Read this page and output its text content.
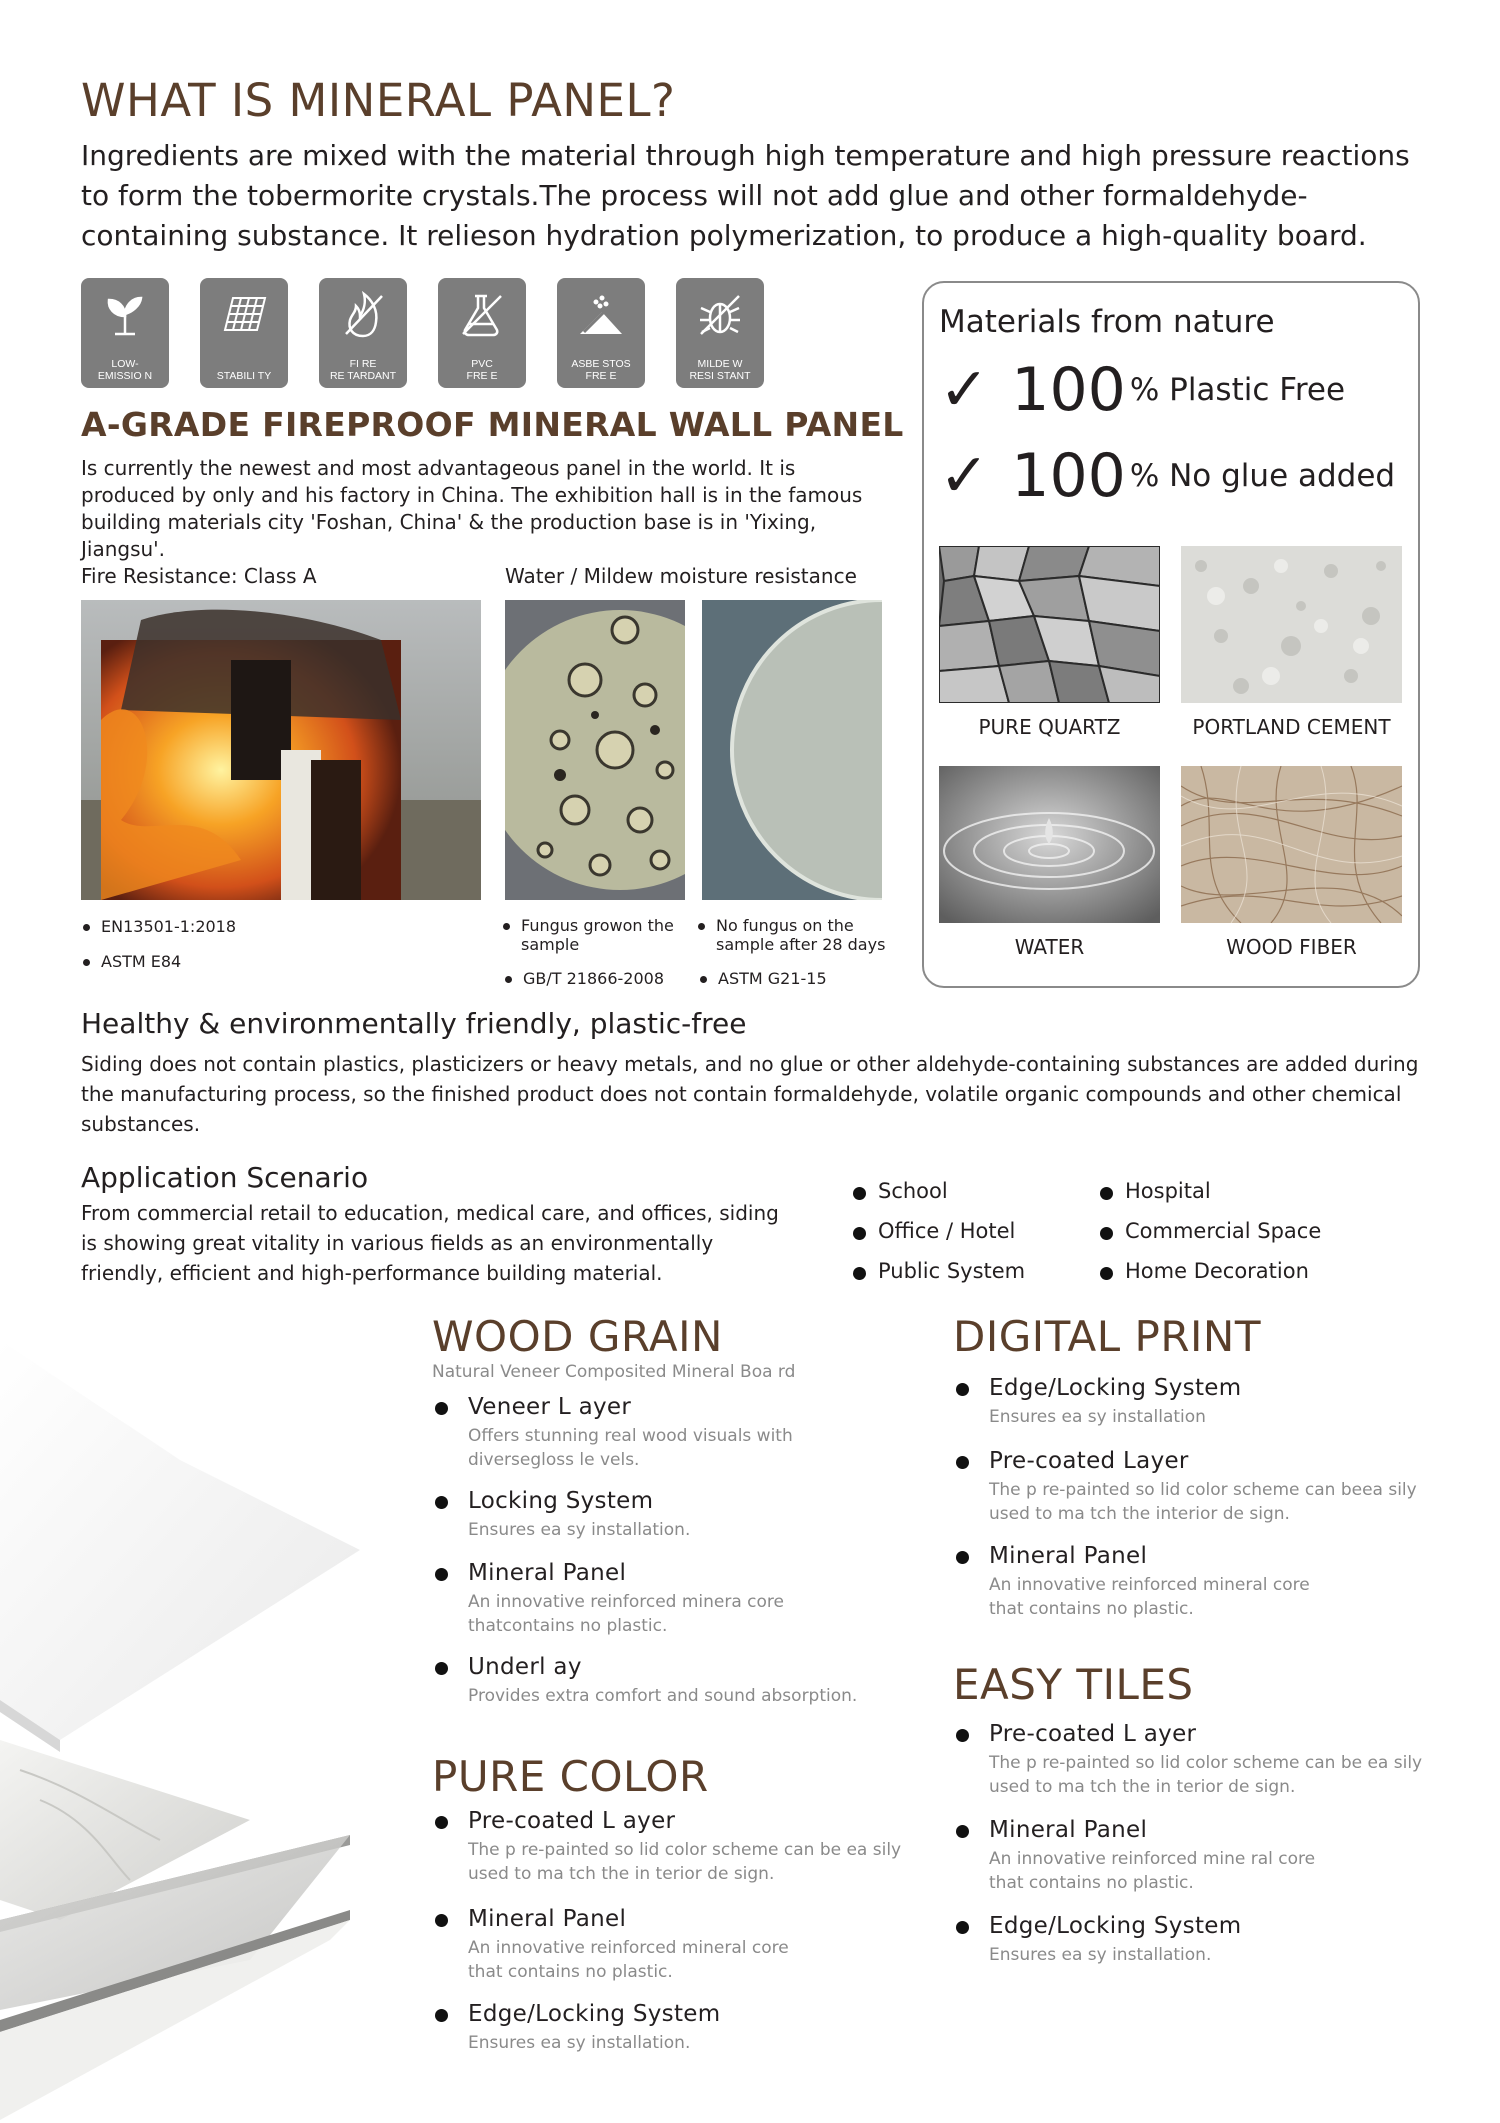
WHAT IS MINERAL PANEL?

Ingredients are mixed with the material through high temperature and high pressure reactions to form the tobermorite crystals.The process will not add glue and other formaldehyde-containing substance. It relieson hydration polymerization, to produce a high-quality board.

LOW-
EMISSIO N	STABILI TY
FI RE
RE TARDANT
PVC
FRE E
ASBE STOS
FRE E
MILDE W
RESI STANT
A-GRADE FIREPROOF MINERAL WALL PANEL

Is currently the newest and most advantageous panel in the world. It is produced by only and his factory in China. The exhibition hall is in the famous building materials city 'Foshan, China' & the production base is in 'Yixing, Jiangsu'.

Fire Resistance: Class A	Water / Mildew moisture resistance
EN13501-1:2018
ASTM E84
Fungus growon the sample
No fungus on the sample after 28 days
GB/T 21866-2008	ASTM G21-15
Materials from nature
✓ 100 % Plastic Free
✓ 100 % No glue added
PURE QUARTZ	PORTLAND CEMENT
WATER	WOOD FIBER
Healthy & environmentally friendly, plastic-free

Siding does not contain plastics, plasticizers or heavy metals, and no glue or other aldehyde-containing substances are added during the manufacturing process, so the finished product does not contain formaldehyde, volatile organic compounds and other chemical substances.

Application Scenario

From commercial retail to education, medical care, and offices, siding is showing great vitality in various fields as an environmentally friendly, efficient and high-performance building material.

School
Office / Hotel
Public System
Hospital
Commercial Space
Home Decoration
WOOD GRAIN
Natural Veneer Composited Mineral Boa rd
Veneer L ayer
Offers stunning real wood visuals with diversegloss le vels.
Locking System
Ensures ea sy installation.
Mineral Panel
An innovative reinforced minera core thatcontains no plastic.
Underl ay
Provides extra comfort and sound absorption.
PURE COLOR
Pre-coated L ayer
The p re-painted so lid color scheme can be ea sily used to ma tch the in terior de sign.
Mineral Panel
An innovative reinforced mineral core that contains no plastic.
Edge/Locking System
Ensures ea sy installation.
DIGITAL PRINT
Edge/Locking System
Ensures ea sy installation
Pre-coated Layer
The p re-painted so lid color scheme can beea sily used to ma tch the interior de sign.
Mineral Panel
An innovative reinforced mineral core that contains no plastic.
EASY TILES
Pre-coated L ayer
The p re-painted so lid color scheme can be ea sily used to ma tch the in terior de sign.
Mineral Panel
An innovative reinforced mine ral core that contains no plastic.
Edge/Locking System
Ensures ea sy installation.
